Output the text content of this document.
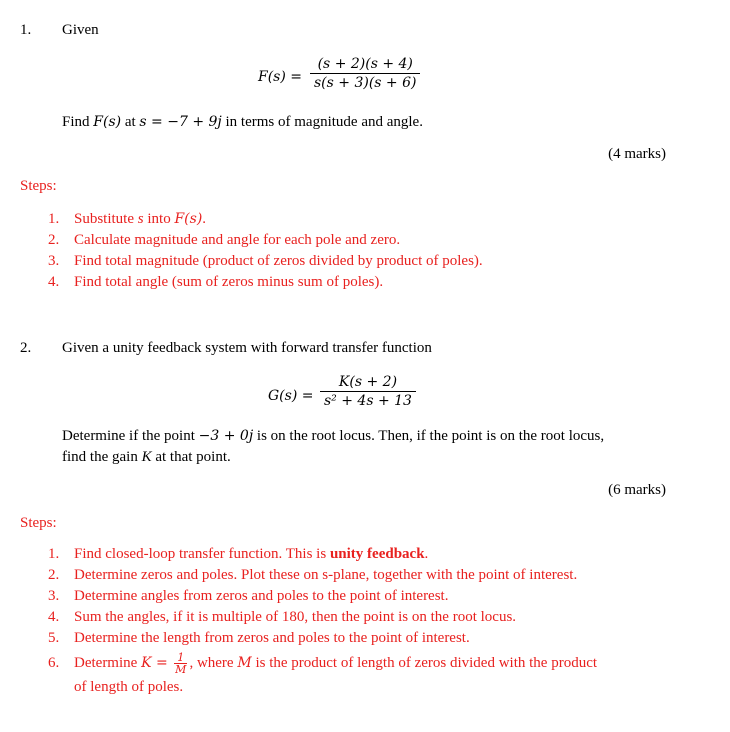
1. Given
F(s) =
(s + 2)(s + 4)
s(s + 3)(s + 6)
Find F(s) at s = −7 + 9j in terms of magnitude and angle.
(4 marks)
Steps:
1. Substitute s into F(s).
2. Calculate magnitude and angle for each pole and zero.
3. Find total magnitude (product of zeros divided by product of poles).
4. Find total angle (sum of zeros minus sum of poles).
2. Given a unity feedback system with forward transfer function
G(s) =
K(s + 2)
s² + 4s + 13
Determine if the point −3 + 0j is on the root locus. Then, if the point is on the root locus,
find the gain K at that point.
(6 marks)
Steps:
1. Find closed-loop transfer function. This is unity feedback.
2. Determine zeros and poles. Plot these on s-plane, together with the point of interest.
3. Determine angles from zeros and poles to the point of interest.
4. Sum the angles, if it is multiple of 180, then the point is on the root locus.
5. Determine the length from zeros and poles to the point of interest.
6. Determine $K = \frac{1}{M}$ , where M is the product of length of zeros divided with the product
of length of poles.
